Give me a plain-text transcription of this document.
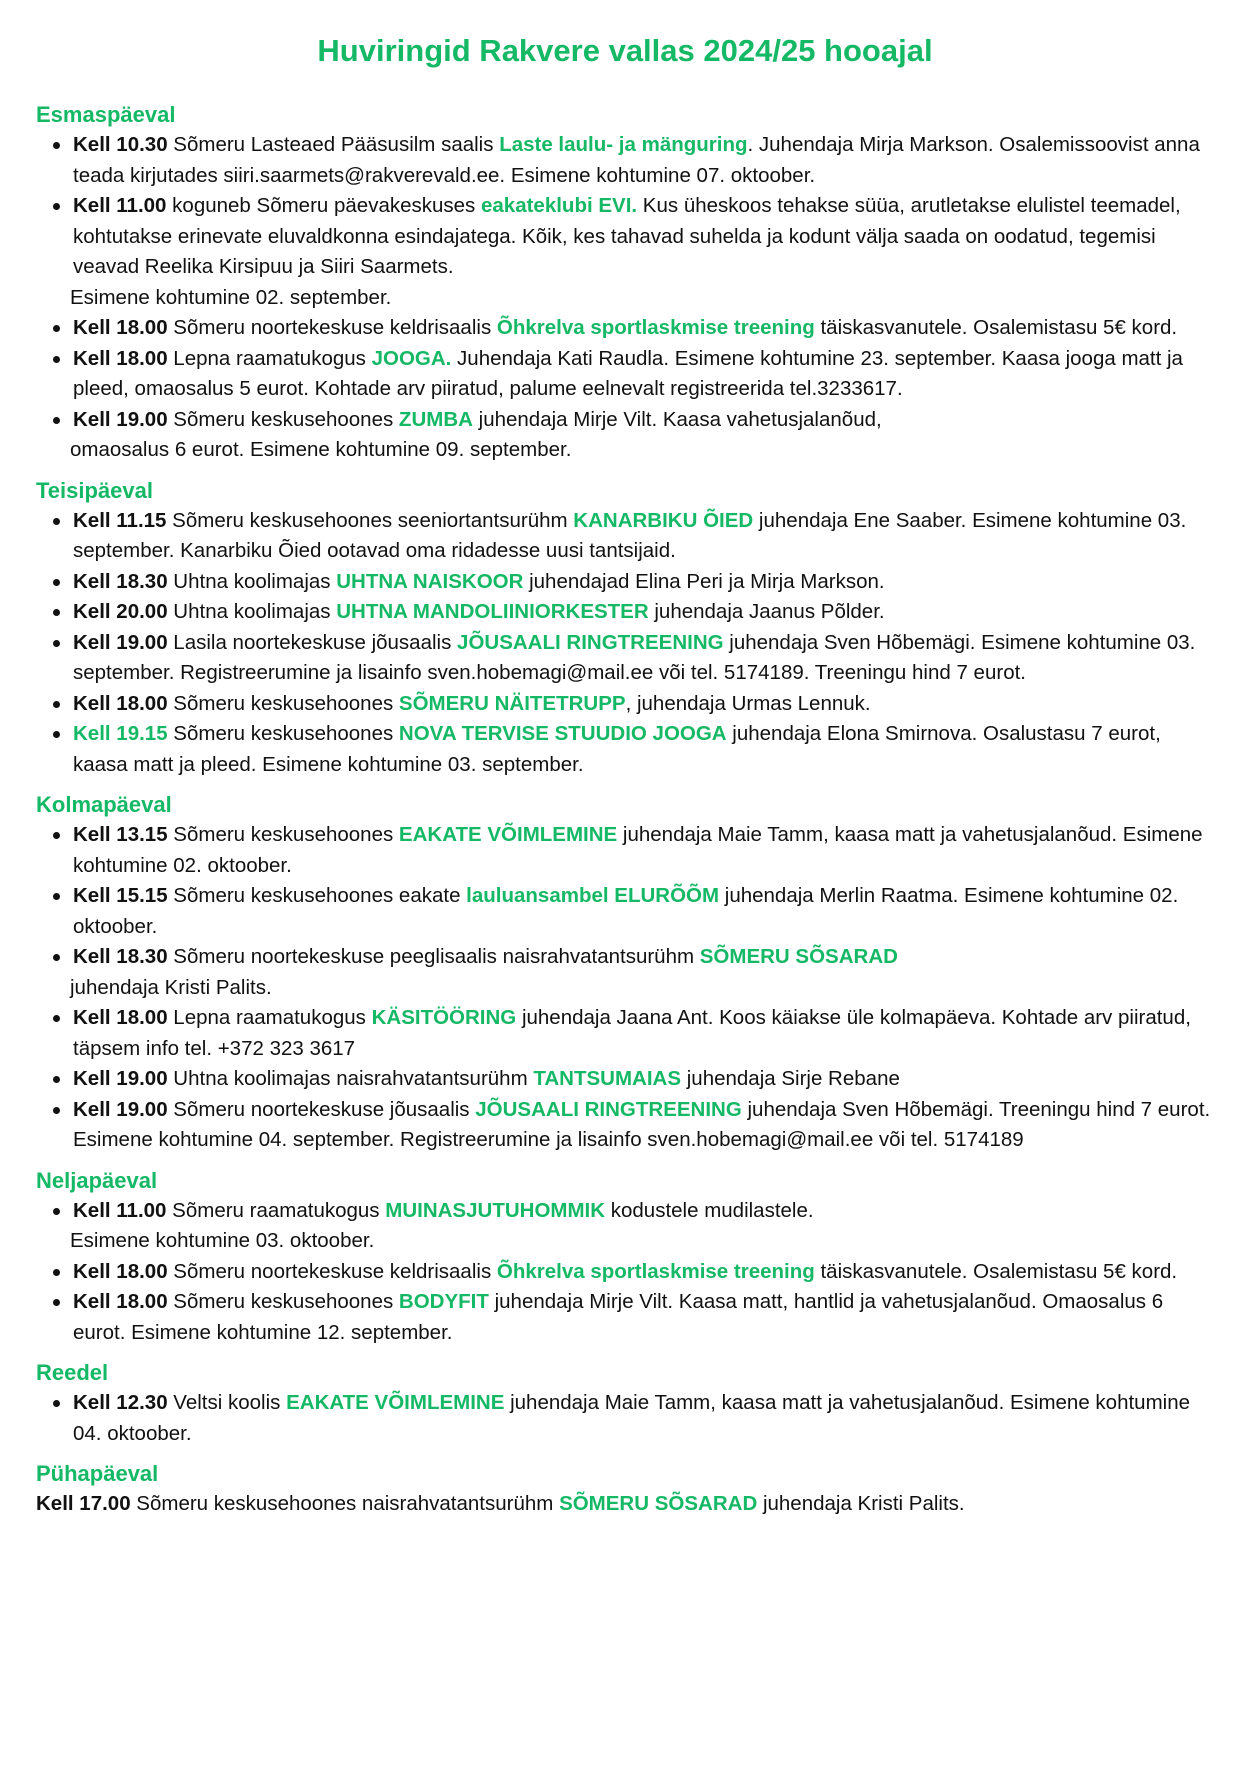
Huviringid Rakvere vallas 2024/25 hooajal
Esmaspäeval
Kell 10.30 Sõmeru Lasteaed Pääsusilm saalis Laste laulu- ja mänguring. Juhendaja Mirja Markson. Osalemissoovist anna teada kirjutades siiri.saarmets@rakverevald.ee. Esimene kohtumine 07. oktoober.
Kell 11.00 koguneb Sõmeru päevakeskuses eakateklubi EVI. Kus üheskoos tehakse süüa, arutletakse elulistel teemadel, kohtutakse erinevate eluvaldkonna esindajatega. Kõik, kes tahavad suhelda ja kodunt välja saada on oodatud, tegemisi veavad Reelika Kirsipuu ja Siiri Saarmets.
Esimene kohtumine 02. september.
Kell 18.00 Sõmeru noortekeskuse keldrisaalis Õhkrelva sportlaskmise treening täiskasvanutele. Osalemistasu 5€ kord.
Kell 18.00 Lepna raamatukogus JOOGA. Juhendaja Kati Raudla. Esimene kohtumine 23. september. Kaasa jooga matt ja pleed, omaosalus 5 eurot. Kohtade arv piiratud, palume eelnevalt registreerida tel.3233617.
Kell 19.00 Sõmeru keskusehoones ZUMBA juhendaja Mirje Vilt. Kaasa vahetusjalanõud,
omaosalus 6 eurot. Esimene kohtumine 09. september.
Teisipäeval
Kell 11.15 Sõmeru keskusehoones seeniortantsurühm KANARBIKU ÕIED juhendaja Ene Saaber. Esimene kohtumine 03. september. Kanarbiku Õied ootavad oma ridadesse uusi tantsijaid.
Kell 18.30 Uhtna koolimajas UHTNA NAISKOOR juhendajad Elina Peri ja Mirja Markson.
Kell 20.00 Uhtna koolimajas UHTNA MANDOLIINIORKESTER juhendaja Jaanus Põlder.
Kell 19.00 Lasila noortekeskuse jõusaalis JÕUSAALI RINGTREENING juhendaja Sven Hõbemägi. Esimene kohtumine 03. september. Registreerumine ja lisainfo sven.hobemagi@mail.ee või tel. 5174189. Treeningu hind 7 eurot.
Kell 18.00 Sõmeru keskusehoones SÕMERU NÄITETRUPP, juhendaja Urmas Lennuk.
Kell 19.15 Sõmeru keskusehoones NOVA TERVISE STUUDIO JOOGA juhendaja Elona Smirnova. Osalustasu 7 eurot, kaasa matt ja pleed. Esimene kohtumine 03. september.
Kolmapäeval
Kell 13.15 Sõmeru keskusehoones EAKATE VÕIMLEMINE juhendaja Maie Tamm, kaasa matt ja vahetusjalanõud. Esimene kohtumine 02. oktoober.
Kell 15.15 Sõmeru keskusehoones eakate lauluansambel ELURÕÕM juhendaja Merlin Raatma. Esimene kohtumine 02. oktoober.
Kell 18.30 Sõmeru noortekeskuse peeglisaalis naisrahvatantsurühm SÕMERU SÕSARAD
juhendaja Kristi Palits.
Kell 18.00 Lepna raamatukogus KÄSITÖÖRING juhendaja Jaana Ant. Koos käiakse üle kolmapäeva. Kohtade arv piiratud, täpsem info tel. +372 323 3617
Kell 19.00 Uhtna koolimajas naisrahvatantsurühm TANTSUMAIAS juhendaja Sirje Rebane
Kell 19.00 Sõmeru noortekeskuse jõusaalis JÕUSAALI RINGTREENING juhendaja Sven Hõbemägi. Treeningu hind 7 eurot. Esimene kohtumine 04. september. Registreerumine ja lisainfo sven.hobemagi@mail.ee või tel. 5174189
Neljapäeval
Kell 11.00 Sõmeru raamatukogus MUINASJUTUHOMMIK kodustele mudilastele.
Esimene kohtumine 03. oktoober.
Kell 18.00 Sõmeru noortekeskuse keldrisaalis Õhkrelva sportlaskmise treening täiskasvanutele. Osalemistasu 5€ kord.
Kell 18.00 Sõmeru keskusehoones BODYFIT juhendaja Mirje Vilt. Kaasa matt, hantlid ja vahetusjalanõud. Omaosalus 6 eurot. Esimene kohtumine 12. september.
Reedel
Kell 12.30 Veltsi koolis EAKATE VÕIMLEMINE juhendaja Maie Tamm, kaasa matt ja vahetusjalanõud. Esimene kohtumine 04. oktoober.
Pühapäeval

Kell 17.00 Sõmeru keskusehoones naisrahvatantsurühm SÕMERU SÕSARAD juhendaja Kristi Palits.
